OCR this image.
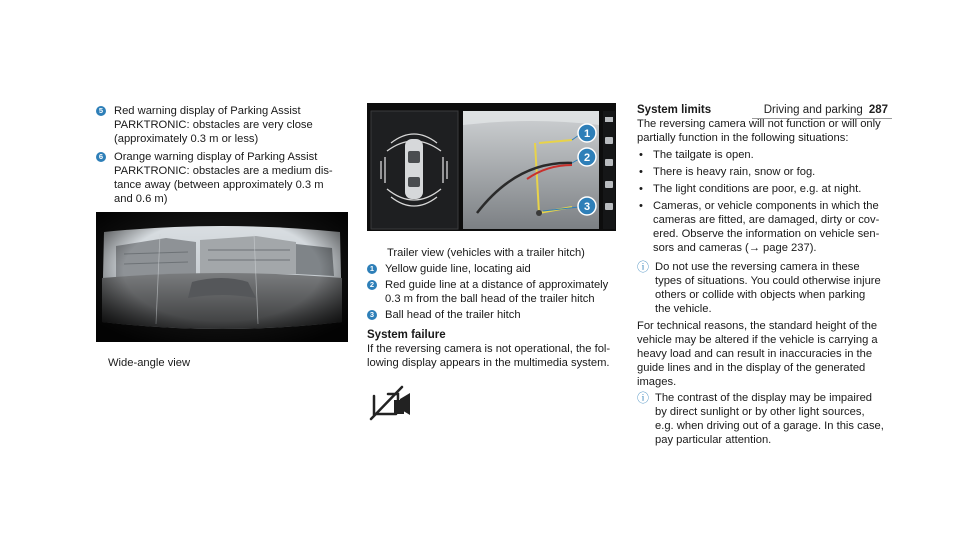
Driving and parking 287
5 Red warning display of Parking Assist
PARKTRONIC: obstacles are very close
(approximately 0.3 m or less)
6 Orange warning display of Parking Assist
PARKTRONIC: obstacles are a medium dis-
tance away (between approximately 0.3 m
and 0.6 m)
Wide-angle view
1
2
3
Trailer view (vehicles with a trailer hitch)
1 Yellow guide line, locating aid
2 Red guide line at a distance of approximately
0.3 m from the ball head of the trailer hitch
3 Ball head of the trailer hitch
System failure
If the reversing camera is not operational, the fol-
lowing display appears in the multimedia system.
System limits
The reversing camera will not function or will only
partially function in the following situations:
• The tailgate is open.
• There is heavy rain, snow or fog.
• The light conditions are poor, e.g. at night.
• Cameras, or vehicle components in which the
cameras are fitted, are damaged, dirty or cov-
ered. Observe the information on vehicle sen-
sors and cameras (→ page 237).
ⓘ Do not use the reversing camera in these
types of situations. You could otherwise injure
others or collide with objects when parking
the vehicle.
For technical reasons, the standard height of the
vehicle may be altered if the vehicle is carrying a
heavy load and can result in inaccuracies in the
guide lines and in the display of the generated
images.
ⓘ The contrast of the display may be impaired
by direct sunlight or by other light sources,
e.g. when driving out of a garage. In this case,
pay particular attention.
